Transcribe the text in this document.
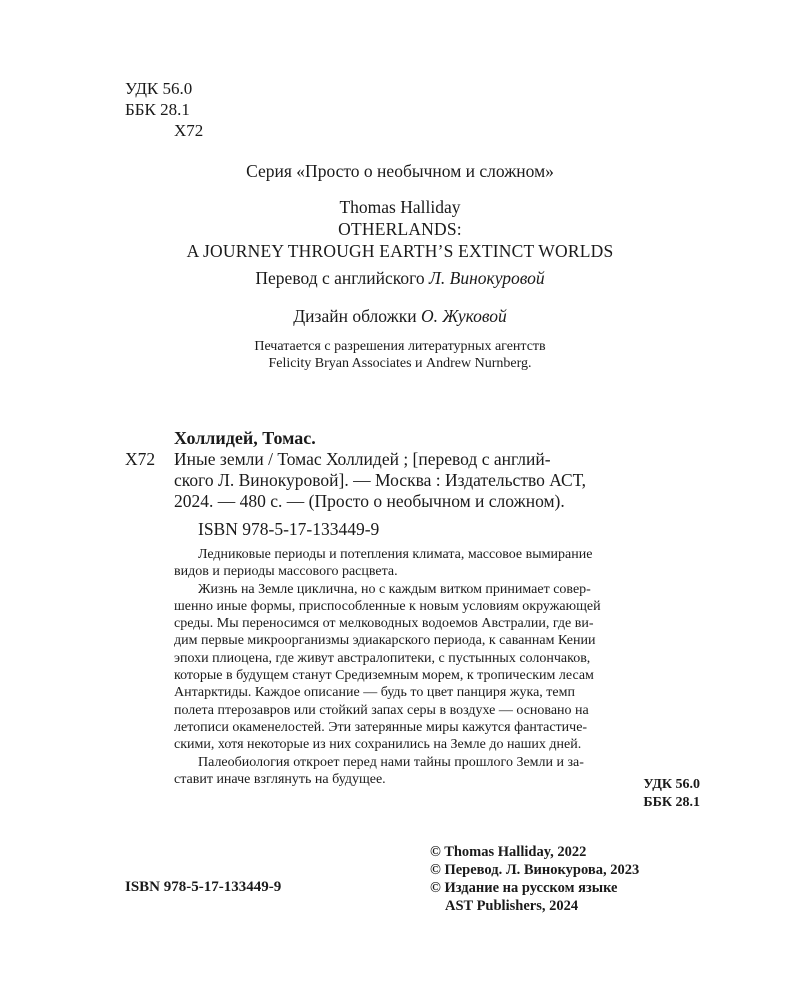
УДК 56.0
ББК 28.1
Х72
Серия «Просто о необычном и сложном»
Thomas Halliday
OTHERLANDS:
A JOURNEY THROUGH EARTH’S EXTINCT WORLDS
Перевод с английского Л. Винокуровой
Дизайн обложки О. Жуковой
Печатается с разрешения литературных агентств
Felicity Bryan Associates и Andrew Nurnberg.
Холлидей, Томас.
Х72 Иные земли / Томас Холлидей ; [перевод с англий-
ского Л. Винокуровой]. — Москва : Издательство АСТ,
2024. — 480 с. — (Просто о необычном и сложном).
ISBN 978-5-17-133449-9
Ледниковые периоды и потепления климата, массовое вымирание
видов и периоды массового расцвета.
Жизнь на Земле циклична, но с каждым витком принимает совер-
шенно иные формы, приспособленные к новым условиям окружающей
среды. Мы переносимся от мелководных водоемов Австралии, где ви-
дим первые микроорганизмы эдиакарского периода, к саваннам Кении
эпохи плиоцена, где живут австралопитеки, с пустынных солончаков,
которые в будущем станут Средиземным морем, к тропическим лесам
Антарктиды. Каждое описание — будь то цвет панциря жука, темп
полета птерозавров или стойкий запах серы в воздухе — основано на
летописи окаменелостей. Эти затерянные миры кажутся фантастиче-
скими, хотя некоторые из них сохранились на Земле до наших дней.
Палеобиология откроет перед нами тайны прошлого Земли и за-
ставит иначе взглянуть на будущее.	УДК 56.0
ББК 28.1
© Thomas Halliday, 2022
© Перевод. Л. Винокурова, 2023
© Издание на русском языке
AST Publishers, 2024
ISBN 978-5-17-133449-9
